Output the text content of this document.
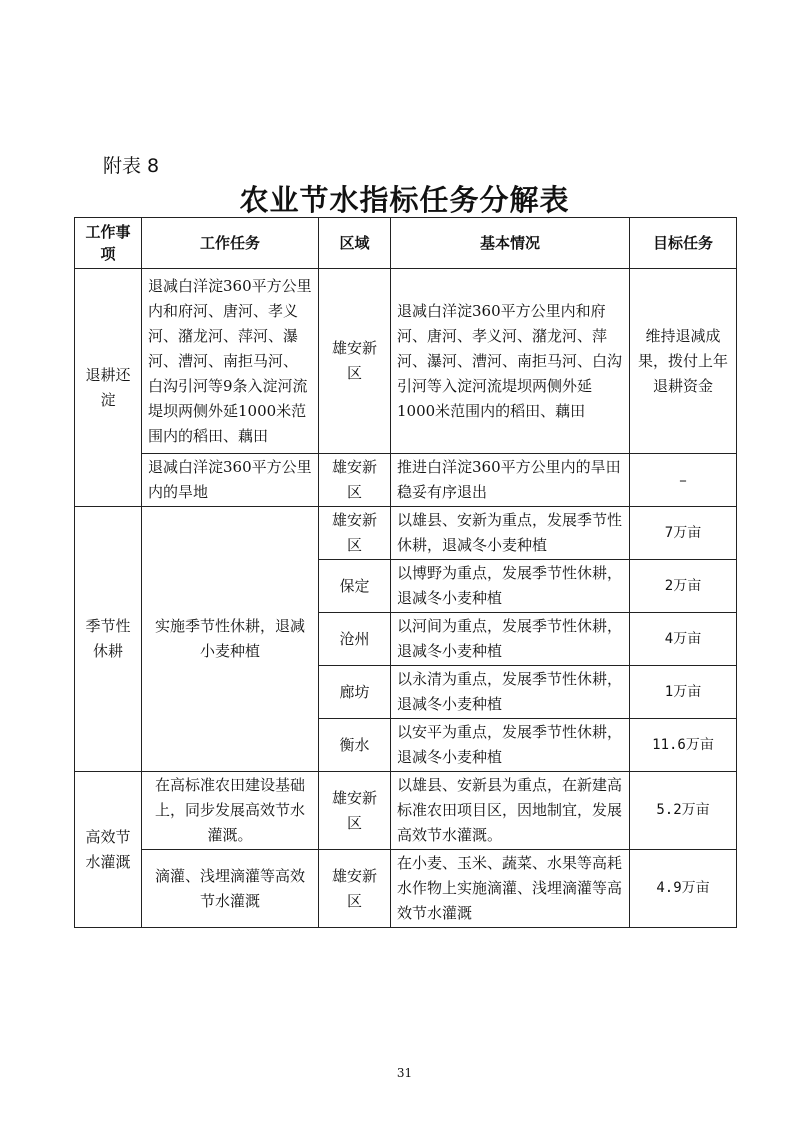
附表 8
农业节水指标任务分解表
工作事项	工作任务	区域	基本情况	目标任务
退耕还淀	退减白洋淀360平方公里内和府河、唐河、孝义河、潴龙河、萍河、瀑河、漕河、南拒马河、白沟引河等9条入淀河流堤坝两侧外延1000米范围内的稻田、藕田	雄安新区	退减白洋淀360平方公里内和府河、唐河、孝义河、潴龙河、萍河、瀑河、漕河、南拒马河、白沟引河等入淀河流堤坝两侧外延1000米范围内的稻田、藕田	维持退减成果，拨付上年退耕资金
	退减白洋淀360平方公里内的旱地	雄安新区	推进白洋淀360平方公里内的旱田稳妥有序退出	–
季节性休耕	实施季节性休耕，退减小麦种植	雄安新区	以雄县、安新为重点，发展季节性休耕，退减冬小麦种植	7万亩
		保定	以博野为重点，发展季节性休耕，退减冬小麦种植	2万亩
		沧州	以河间为重点，发展季节性休耕，退减冬小麦种植	4万亩
		廊坊	以永清为重点，发展季节性休耕，退减冬小麦种植	1万亩
		衡水	以安平为重点，发展季节性休耕，退减冬小麦种植	11.6万亩
高效节水灌溉	在高标准农田建设基础上，同步发展高效节水灌溉。	雄安新区	以雄县、安新县为重点，在新建高标准农田项目区，因地制宜，发展高效节水灌溉。	5.2万亩
	滴灌、浅埋滴灌等高效节水灌溉	雄安新区	在小麦、玉米、蔬菜、水果等高耗水作物上实施滴灌、浅埋滴灌等高效节水灌溉	4.9万亩
31
